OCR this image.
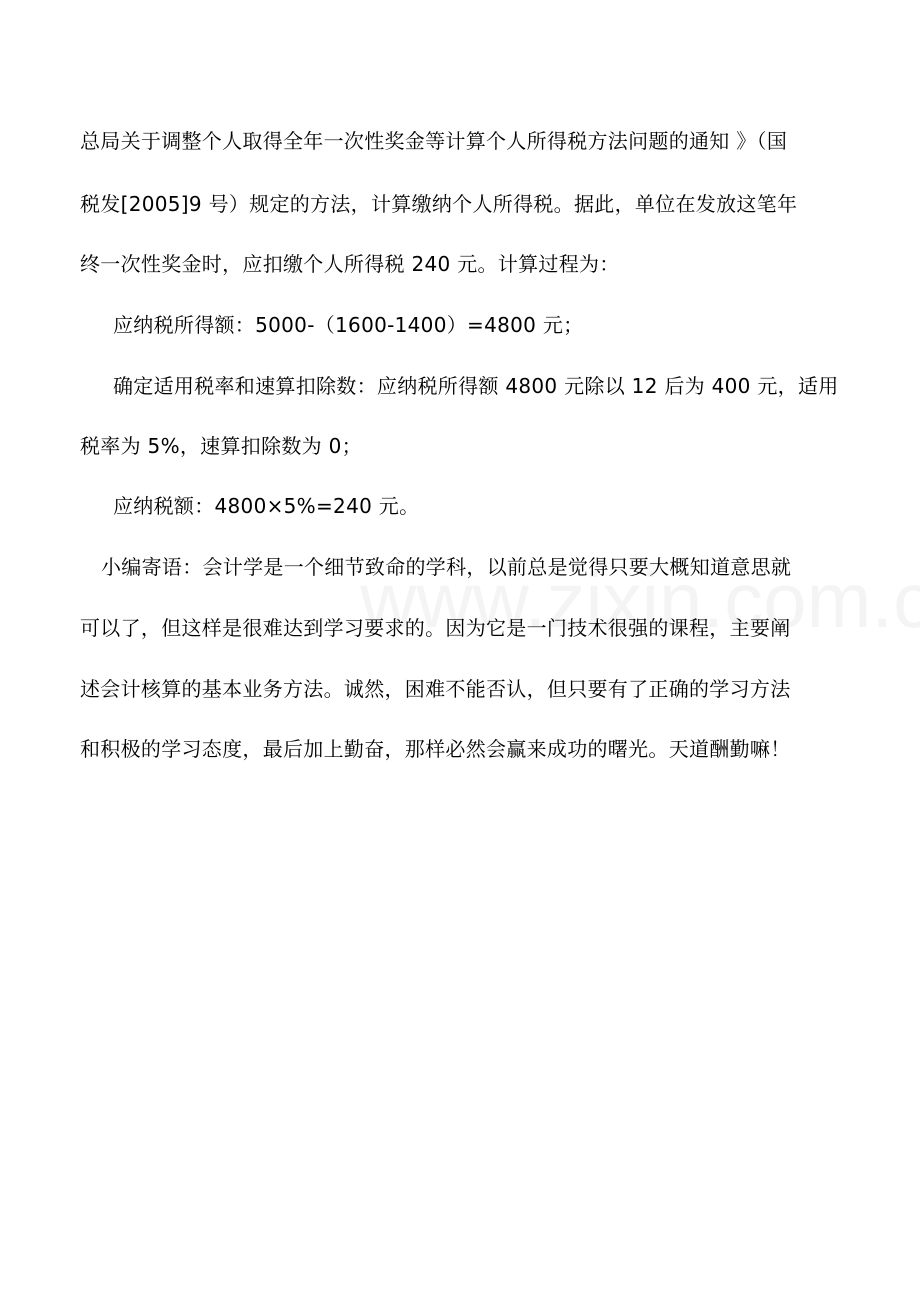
总局关于调整个人取得全年一次性奖金等计算个人所得税方法问题的通知 》（国
税发[2005]9 号）规定的方法，计算缴纳个人所得税。据此，单位在发放这笔年
终一次性奖金时，应扣缴个人所得税 240 元。计算过程为：
应纳税所得额：5000-（1600-1400）=4800 元；
确定适用税率和速算扣除数：应纳税所得额 4800 元除以 12 后为 400 元，适用
税率为 5%，速算扣除数为 0；
应纳税额：4800×5%=240 元。
小编寄语：会计学是一个细节致命的学科，以前总是觉得只要大概知道意思就
可以了，但这样是很难达到学习要求的。因为它是一门技术很强的课程，主要阐
述会计核算的基本业务方法。诚然，困难不能否认，但只要有了正确的学习方法
和积极的学习态度，最后加上勤奋，那样必然会赢来成功的曙光。天道酬勤嘛！
